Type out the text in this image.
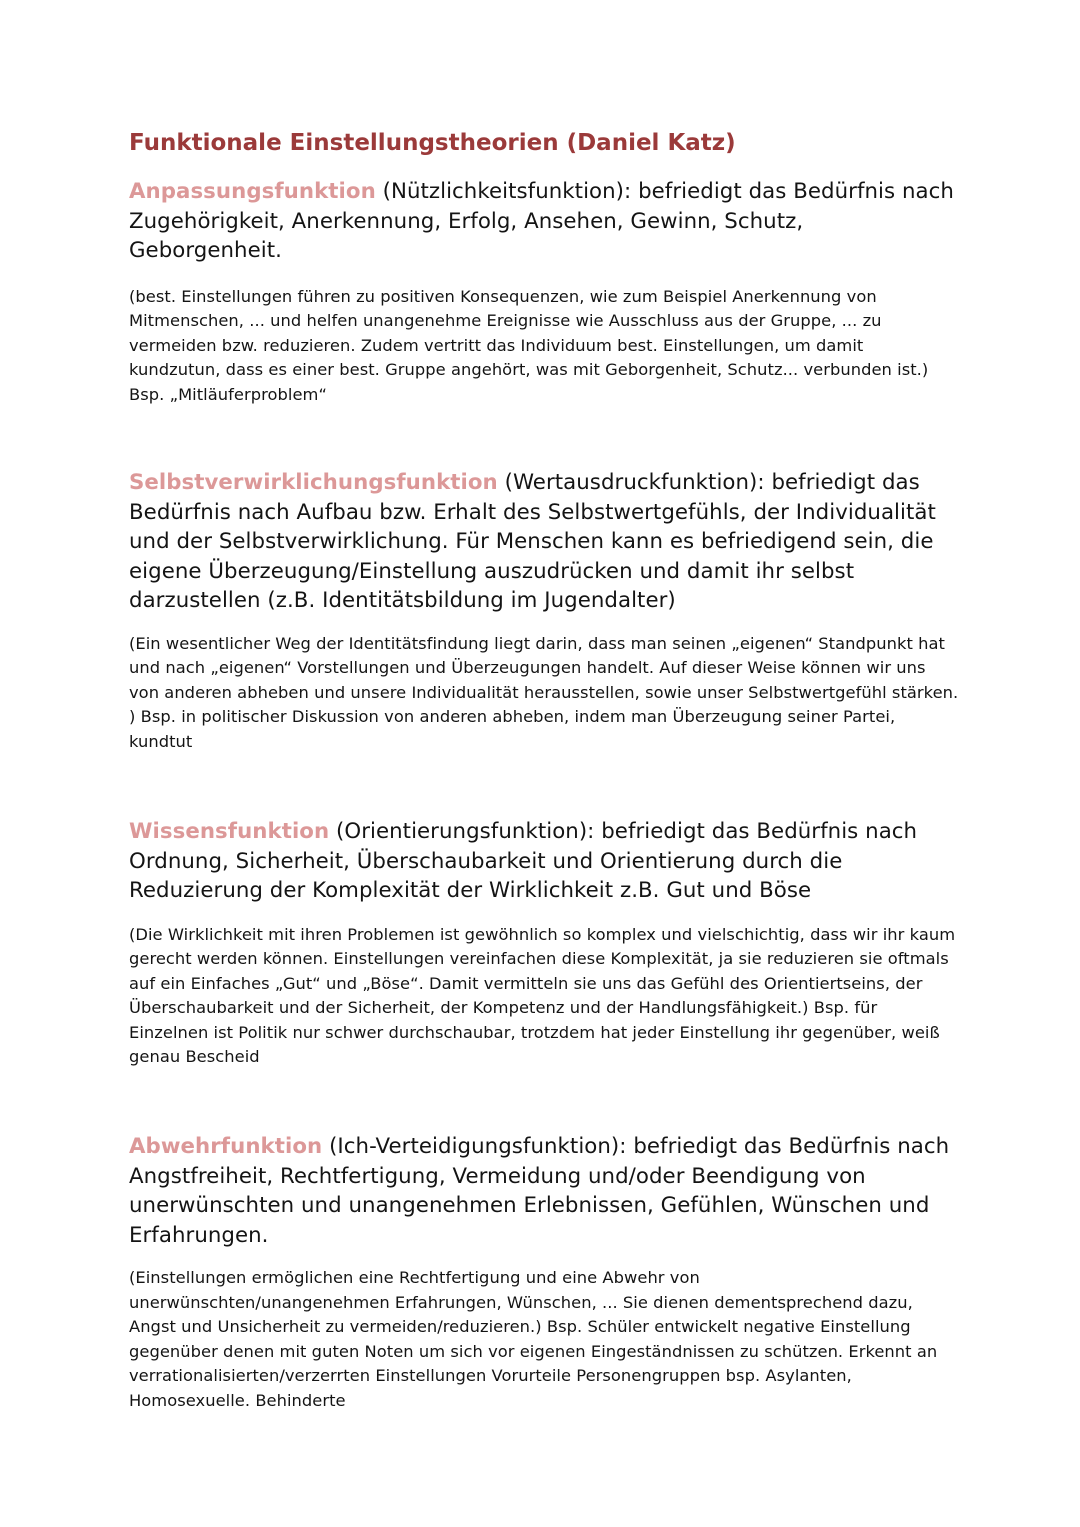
Funktionale Einstellungstheorien (Daniel Katz)

Anpassungsfunktion (Nützlichkeitsfunktion): befriedigt das Bedürfnis nach Zugehörigkeit, Anerkennung, Erfolg, Ansehen, Gewinn, Schutz, Geborgenheit.

(best. Einstellungen führen zu positiven Konsequenzen, wie zum Beispiel Anerkennung von Mitmenschen, ... und helfen unangenehme Ereignisse wie Ausschluss aus der Gruppe, ... zu vermeiden bzw. reduzieren. Zudem vertritt das Individuum best. Einstellungen, um damit kundzutun, dass es einer best. Gruppe angehört, was mit Geborgenheit, Schutz... verbunden ist.) Bsp. „Mitläuferproblem“

Selbstverwirklichungsfunktion (Wertausdruckfunktion): befriedigt das Bedürfnis nach Aufbau bzw. Erhalt des Selbstwertgefühls, der Individualität und der Selbstverwirklichung. Für Menschen kann es befriedigend sein, die eigene Überzeugung/Einstellung auszudrücken und damit ihr selbst darzustellen (z.B. Identitätsbildung im Jugendalter)

(Ein wesentlicher Weg der Identitätsfindung liegt darin, dass man seinen „eigenen“ Standpunkt hat und nach „eigenen“ Vorstellungen und Überzeugungen handelt. Auf dieser Weise können wir uns von anderen abheben und unsere Individualität herausstellen, sowie unser Selbstwertgefühl stärken. ) Bsp. in politischer Diskussion von anderen abheben, indem man Überzeugung seiner Partei, kundtut

Wissensfunktion (Orientierungsfunktion): befriedigt das Bedürfnis nach Ordnung, Sicherheit, Überschaubarkeit und Orientierung durch die Reduzierung der Komplexität der Wirklichkeit z.B. Gut und Böse

(Die Wirklichkeit mit ihren Problemen ist gewöhnlich so komplex und vielschichtig, dass wir ihr kaum gerecht werden können. Einstellungen vereinfachen diese Komplexität, ja sie reduzieren sie oftmals auf ein Einfaches „Gut“ und „Böse“. Damit vermitteln sie uns das Gefühl des Orientiertseins, der Überschaubarkeit und der Sicherheit, der Kompetenz und der Handlungsfähigkeit.) Bsp. für Einzelnen ist Politik nur schwer durchschaubar, trotzdem hat jeder Einstellung ihr gegenüber, weiß genau Bescheid

Abwehrfunktion (Ich-Verteidigungsfunktion): befriedigt das Bedürfnis nach Angstfreiheit, Rechtfertigung, Vermeidung und/oder Beendigung von unerwünschten und unangenehmen Erlebnissen, Gefühlen, Wünschen und Erfahrungen.

(Einstellungen ermöglichen eine Rechtfertigung und eine Abwehr von unerwünschten/unangenehmen Erfahrungen, Wünschen, ... Sie dienen dementsprechend dazu, Angst und Unsicherheit zu vermeiden/reduzieren.) Bsp. Schüler entwickelt negative Einstellung gegenüber denen mit guten Noten um sich vor eigenen Eingeständnissen zu schützen. Erkennt an verrationalisierten/verzerrten Einstellungen Vorurteile Personengruppen bsp. Asylanten, Homosexuelle. Behinderte
